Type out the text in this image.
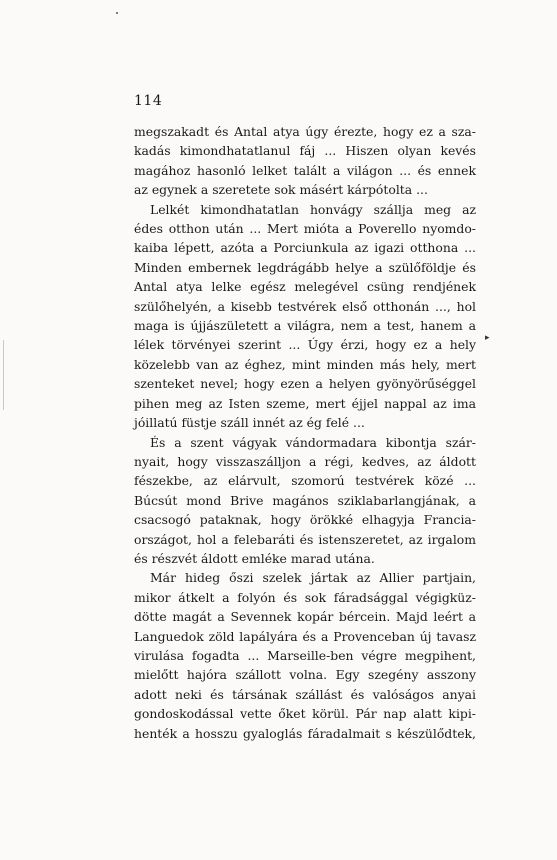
▸
114
megszakadt és Antal atya úgy érezte, hogy ez a sza-
kadás kimondhatatlanul fáj ... Hiszen olyan kevés
magához hasonló lelket talált a világon ... és ennek
az egynek a szeretete sok másért kárpótolta ...
Lelkét kimondhatatlan honvágy szállja meg az
édes otthon után ... Mert mióta a Poverello nyomdo-
kaiba lépett, azóta a Porciunkula az igazi otthona ...
Minden embernek legdrágább helye a szülőföldje és
Antal atya lelke egész melegével csüng rendjének
szülőhelyén, a kisebb testvérek első otthonán ..., hol
maga is újjászületett a világra, nem a test, hanem a
lélek törvényei szerint ... Úgy érzi, hogy ez a hely
közelebb van az éghez, mint minden más hely, mert
szenteket nevel; hogy ezen a helyen gyönyörűséggel
pihen meg az Isten szeme, mert éjjel nappal az ima
jóillatú füstje száll innét az ég felé ...
És a szent vágyak vándormadara kibontja szár-
nyait, hogy visszaszálljon a régi, kedves, az áldott
fészekbe, az elárvult, szomorú testvérek közé ...
Búcsút mond Brive magános sziklabarlangjának, a
csacsogó pataknak, hogy örökké elhagyja Francia-
országot, hol a felebaráti és istenszeretet, az irgalom
és részvét áldott emléke marad utána.
Már hideg őszi szelek jártak az Allier partjain,
mikor átkelt a folyón és sok fáradsággal végigküz-
dötte magát a Sevennek kopár bércein. Majd leért a
Languedok zöld lapályára és a Provenceban új tavasz
virulása fogadta ... Marseille-ben végre megpihent,
mielőtt hajóra szállott volna. Egy szegény asszony
adott neki és társának szállást és valóságos anyai
gondoskodással vette őket körül. Pár nap alatt kipi-
henték a hosszu gyaloglás fáradalmait s készülődtek,
